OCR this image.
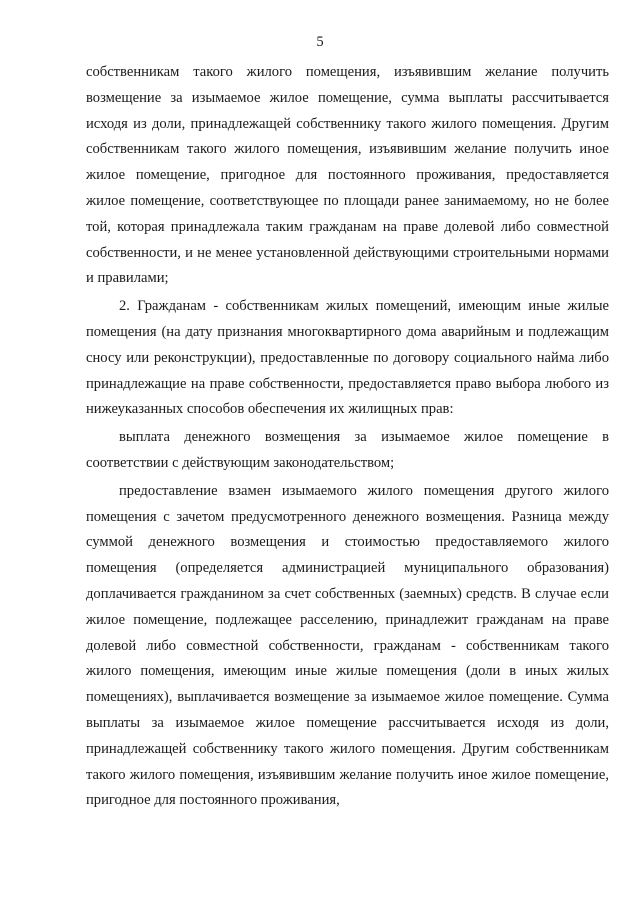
5

собственникам такого жилого помещения, изъявившим желание получить возмещение за изымаемое жилое помещение, сумма выплаты рассчитывается исходя из доли, принадлежащей собственнику такого жилого помещения. Другим собственникам такого жилого помещения, изъявившим желание получить иное жилое помещение, пригодное для постоянного проживания, предоставляется жилое помещение, соответствующее по площади ранее занимаемому, но не более той, которая принадлежала таким гражданам на праве долевой либо совместной собственности, и не менее установленной действующими строительными нормами и правилами;

2. Гражданам - собственникам жилых помещений, имеющим иные жилые помещения (на дату признания многоквартирного дома аварийным и подлежащим сносу или реконструкции), предоставленные по договору социального найма либо принадлежащие на праве собственности, предоставляется право выбора любого из нижеуказанных способов обеспечения их жилищных прав:

выплата денежного возмещения за изымаемое жилое помещение в соответствии с действующим законодательством;

предоставление взамен изымаемого жилого помещения другого жилого помещения с зачетом предусмотренного денежного возмещения. Разница между суммой денежного возмещения и стоимостью предоставляемого жилого помещения (определяется администрацией муниципального образования) доплачивается гражданином за счет собственных (заемных) средств. В случае если жилое помещение, подлежащее расселению, принадлежит гражданам на праве долевой либо совместной собственности, гражданам - собственникам такого жилого помещения, имеющим иные жилые помещения (доли в иных жилых помещениях), выплачивается возмещение за изымаемое жилое помещение. Сумма выплаты за изымаемое жилое помещение рассчитывается исходя из доли, принадлежащей собственнику такого жилого помещения. Другим собственникам такого жилого помещения, изъявившим желание получить иное жилое помещение, пригодное для постоянного проживания,
